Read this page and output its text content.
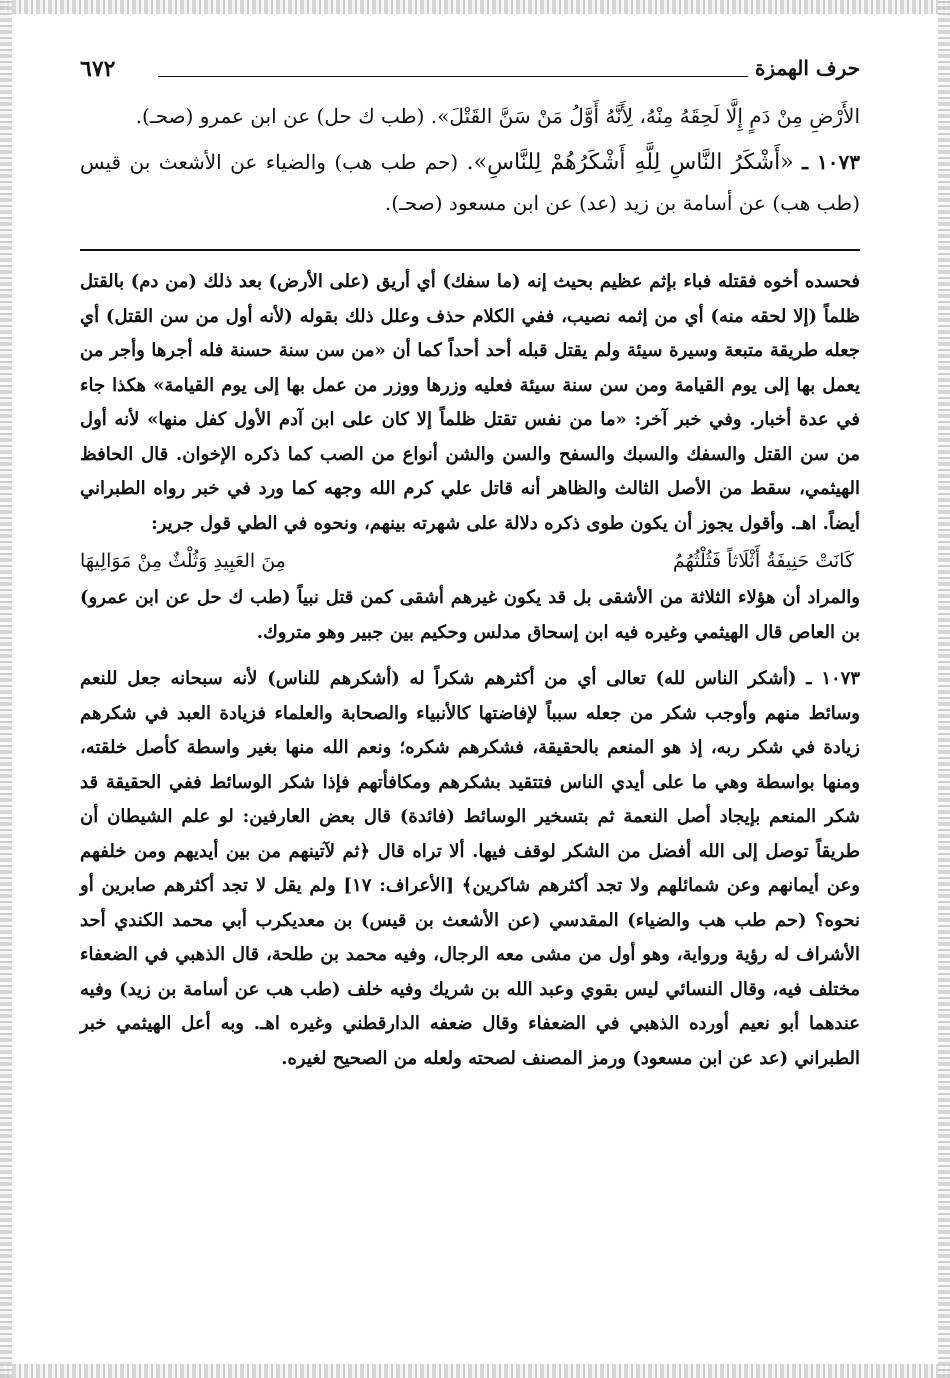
حرف الهمزة
٦٧٢

الأَرْضِ مِنْ دَمٍ إِلَّا لَحِقَهُ مِنْهُ، لِأَنَّهُ أَوَّلُ مَنْ سَنَّ القَتْلَ». (طب ك حل) عن ابن عمرو (صحـ).

١٠٧٣ ـ «أَشْكَرُ النَّاسِ لِلَّهِ أَشْكَرُهُمْ لِلنَّاسِ». (حم طب هب) والضياء عن الأشعث بن قيس (طب هب) عن أسامة بن زيد (عد) عن ابن مسعود (صحـ).

فحسده أخوه فقتله فباء بإثم عظيم بحيث إنه (ما سفك) أي أريق (على الأرض) بعد ذلك (من دم) بالقتل ظلماً (إلا لحقه منه) أي من إثمه نصيب، ففي الكلام حذف وعلل ذلك بقوله (لأنه أول من سن القتل) أي جعله طريقة متبعة وسيرة سيئة ولم يقتل قبله أحد أحداً كما أن «من سن سنة حسنة فله أجرها وأجر من يعمل بها إلى يوم القيامة ومن سن سنة سيئة فعليه وزرها ووزر من عمل بها إلى يوم القيامة» هكذا جاء في عدة أخبار. وفي خبر آخر: «ما من نفس تقتل ظلماً إلا كان على ابن آدم الأول كفل منها» لأنه أول من سن القتل والسفك والسبك والسفح والسن والشن أنواع من الصب كما ذكره الإخوان. قال الحافظ الهيثمي، سقط من الأصل الثالث والظاهر أنه قاتل علي كرم الله وجهه كما ورد في خبر رواه الطبراني أيضاً. اهـ. وأقول يجوز أن يكون طوى ذكره دلالة على شهرته بينهم، ونحوه في الطي قول جرير:

كَانَتْ حَنِيفَةُ أَثْلَاثاً فَثُلْثُهُمُ
مِنَ العَبِيدِ وَثُلْثٌ مِنْ مَوَالِيهَا

والمراد أن هؤلاء الثلاثة من الأشقى بل قد يكون غيرهم أشقى كمن قتل نبياً (طب ك حل عن ابن عمرو) بن العاص قال الهيثمي وغيره فيه ابن إسحاق مدلس وحكيم بين جبير وهو متروك.

١٠٧٣ ـ (أشكر الناس لله) تعالى أي من أكثرهم شكراً له (أشكرهم للناس) لأنه سبحانه جعل للنعم وسائط منهم وأوجب شكر من جعله سبباً لإفاضتها كالأنبياء والصحابة والعلماء فزيادة العبد في شكرهم زيادة في شكر ربه، إذ هو المنعم بالحقيقة، فشكرهم شكره؛ ونعم الله منها بغير واسطة كأصل خلقته، ومنها بواسطة وهي ما على أيدي الناس فتتقيد بشكرهم ومكافأتهم فإذا شكر الوسائط ففي الحقيقة قد شكر المنعم بإيجاد أصل النعمة ثم بتسخير الوسائط (فائدة) قال بعض العارفين: لو علم الشيطان أن طريقاً توصل إلى الله أفضل من الشكر لوقف فيها. ألا تراه قال ﴿ثم لآتينهم من بين أيديهم ومن خلفهم وعن أيمانهم وعن شمائلهم ولا تجد أكثرهم شاكرين﴾ [الأعراف: ١٧] ولم يقل لا تجد أكثرهم صابرين أو نحوه؟ (حم طب هب والضياء) المقدسي (عن الأشعث بن قيس) بن معديكرب أبي محمد الكندي أحد الأشراف له رؤية ورواية، وهو أول من مشى معه الرجال، وفيه محمد بن طلحة، قال الذهبي في الضعفاء مختلف فيه، وقال النسائي ليس بقوي وعبد الله بن شريك وفيه خلف (طب هب عن أسامة بن زيد) وفيه عندهما أبو نعيم أورده الذهبي في الضعفاء وقال ضعفه الدارقطني وغيره اهـ. وبه أعل الهيثمي خبر الطبراني (عد عن ابن مسعود) ورمز المصنف لصحته ولعله من الصحيح لغيره.
